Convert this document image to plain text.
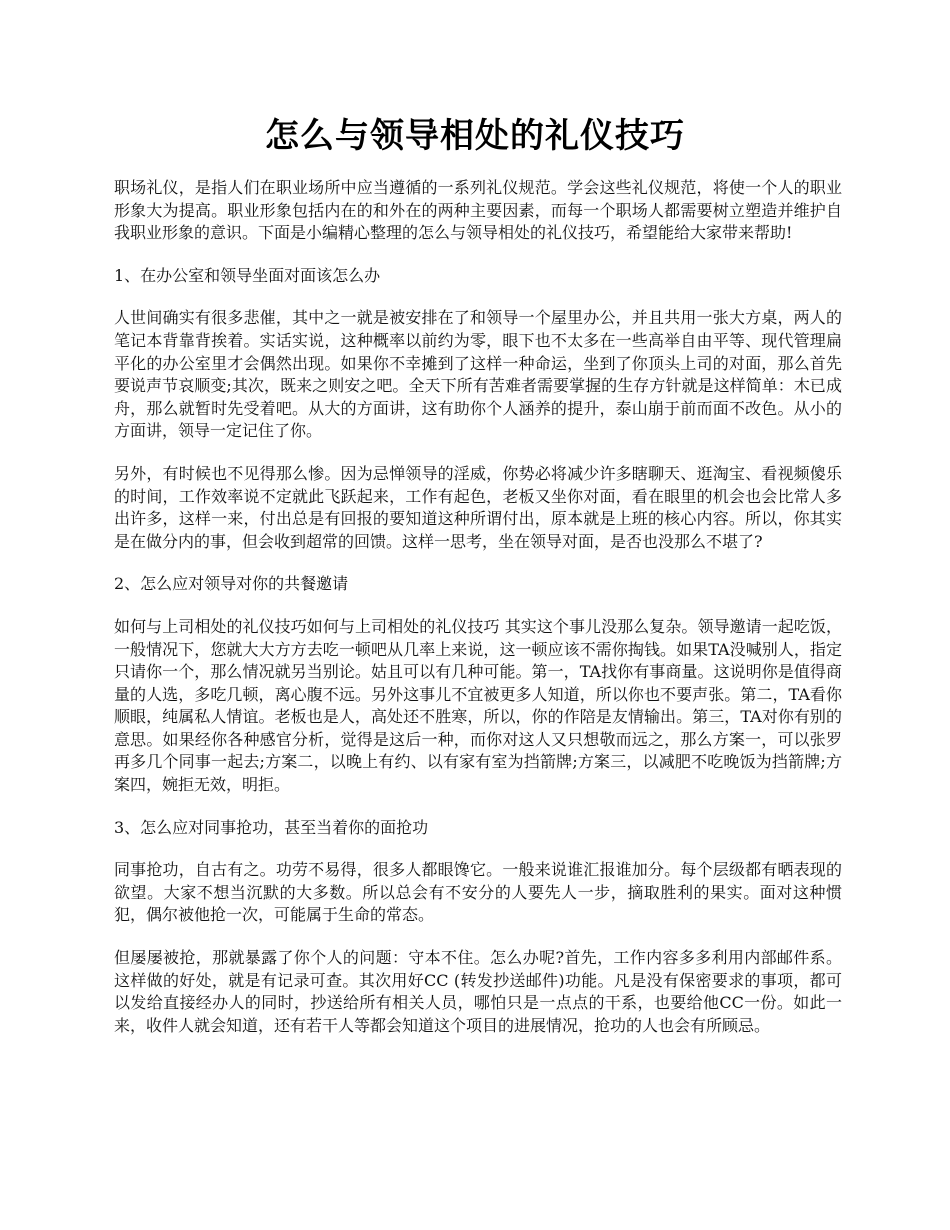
怎么与领导相处的礼仪技巧

职场礼仪，是指人们在职业场所中应当遵循的一系列礼仪规范。学会这些礼仪规范，将使一个人的职业形象大为提高。职业形象包括内在的和外在的两种主要因素，而每一个职场人都需要树立塑造并维护自我职业形象的意识。下面是小编精心整理的怎么与领导相处的礼仪技巧，希望能给大家带来帮助!

1、在办公室和领导坐面对面该怎么办

人世间确实有很多悲催，其中之一就是被安排在了和领导一个屋里办公，并且共用一张大方桌，两人的笔记本背靠背挨着。实话实说，这种概率以前约为零，眼下也不太多在一些高举自由平等、现代管理扁平化的办公室里才会偶然出现。如果你不幸摊到了这样一种命运，坐到了你顶头上司的对面，那么首先要说声节哀顺变;其次，既来之则安之吧。全天下所有苦难者需要掌握的生存方针就是这样简单：木已成舟，那么就暂时先受着吧。从大的方面讲，这有助你个人涵养的提升，泰山崩于前而面不改色。从小的方面讲，领导一定记住了你。

另外，有时候也不见得那么惨。因为忌惮领导的淫威，你势必将减少许多瞎聊天、逛淘宝、看视频傻乐的时间，工作效率说不定就此飞跃起来，工作有起色，老板又坐你对面，看在眼里的机会也会比常人多出许多，这样一来，付出总是有回报的要知道这种所谓付出，原本就是上班的核心内容。所以，你其实是在做分内的事，但会收到超常的回馈。这样一思考，坐在领导对面，是否也没那么不堪了?

2、怎么应对领导对你的共餐邀请

如何与上司相处的礼仪技巧如何与上司相处的礼仪技巧 其实这个事儿没那么复杂。领导邀请一起吃饭，一般情况下，您就大大方方去吃一顿吧从几率上来说，这一顿应该不需你掏钱。如果TA没喊别人，指定只请你一个，那么情况就另当别论。姑且可以有几种可能。第一，TA找你有事商量。这说明你是值得商量的人选，多吃几顿，离心腹不远。另外这事儿不宜被更多人知道，所以你也不要声张。第二，TA看你顺眼，纯属私人情谊。老板也是人，高处还不胜寒，所以，你的作陪是友情输出。第三，TA对你有别的意思。如果经你各种感官分析，觉得是这后一种，而你对这人又只想敬而远之，那么方案一，可以张罗再多几个同事一起去;方案二，以晚上有约、以有家有室为挡箭牌;方案三，以减肥不吃晚饭为挡箭牌;方案四，婉拒无效，明拒。

3、怎么应对同事抢功，甚至当着你的面抢功

同事抢功，自古有之。功劳不易得，很多人都眼馋它。一般来说谁汇报谁加分。每个层级都有晒表现的欲望。大家不想当沉默的大多数。所以总会有不安分的人要先人一步，摘取胜利的果实。面对这种惯犯，偶尔被他抢一次，可能属于生命的常态。

但屡屡被抢，那就暴露了你个人的问题：守本不住。怎么办呢?首先，工作内容多多利用内部邮件系。这样做的好处，就是有记录可查。其次用好CC (转发抄送邮件)功能。凡是没有保密要求的事项，都可以发给直接经办人的同时，抄送给所有相关人员，哪怕只是一点点的干系，也要给他CC一份。如此一来，收件人就会知道，还有若干人等都会知道这个项目的进展情况，抢功的人也会有所顾忌。
